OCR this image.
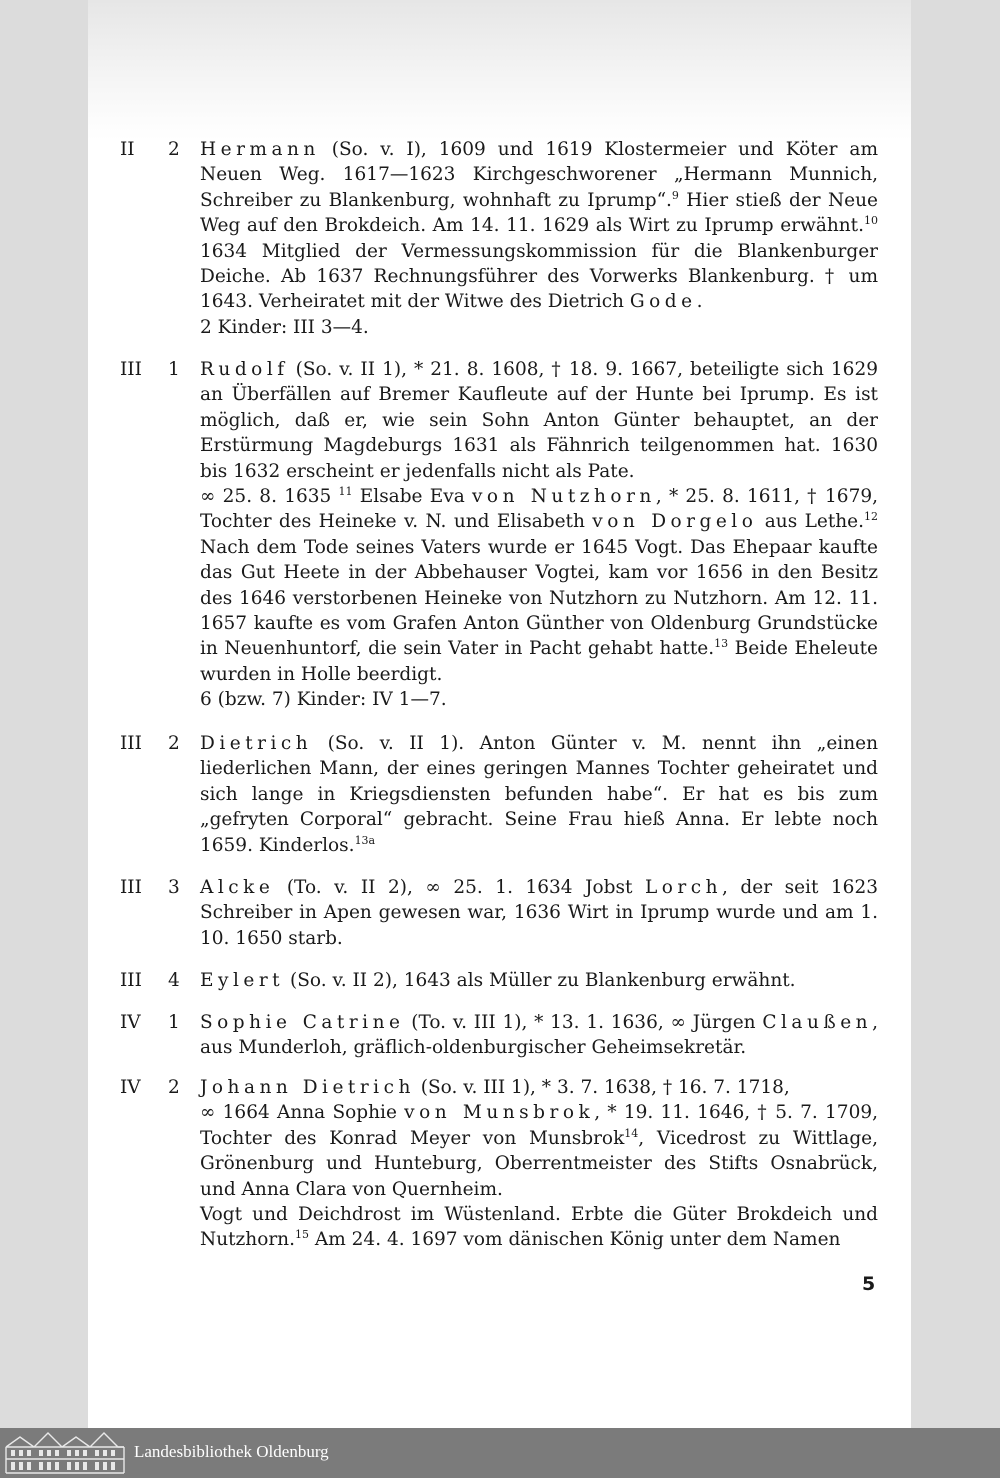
II	2	Hermann (So. v. I), 1609 und 1619 Klostermeier und Köter am Neuen Weg. 1617—1623 Kirchgeschworener „Hermann Munnich, Schreiber zu Blankenburg, wohnhaft zu Iprump“.$^9$ Hier stieß der Neue Weg auf den Brokdeich. Am 14. 11. 1629 als Wirt zu Iprump erwähnt.$^{10}$ 1634 Mitglied der Vermessungskommission für die Blankenburger Deiche. Ab 1637 Rechnungsführer des Vorwerks Blankenburg. † um 1643. Verheiratet mit der Witwe des Dietrich Gode.
2 Kinder: III 3—4.
III	1	Rudolf (So. v. II 1), * 21. 8. 1608, † 18. 9. 1667, beteiligte sich 1629 an Überfällen auf Bremer Kaufleute auf der Hunte bei Iprump. Es ist möglich, daß er, wie sein Sohn Anton Günter behauptet, an der Erstürmung Magdeburgs 1631 als Fähnrich teilgenommen hat. 1630 bis 1632 erscheint er jedenfalls nicht als Pate.
∞ 25. 8. 1635 $^{11}$ Elsabe Eva von Nutzhorn, * 25. 8. 1611, † 1679, Tochter des Heineke v. N. und Elisabeth von Dorgelo aus Lethe.$^{12}$ Nach dem Tode seines Vaters wurde er 1645 Vogt. Das Ehepaar kaufte das Gut Heete in der Abbehauser Vogtei, kam vor 1656 in den Besitz des 1646 verstorbenen Heineke von Nutzhorn zu Nutzhorn. Am 12. 11. 1657 kaufte es vom Grafen Anton Günther von Oldenburg Grundstücke in Neuenhuntorf, die sein Vater in Pacht gehabt hatte.$^{13}$ Beide Eheleute wurden in Holle beerdigt.
6 (bzw. 7) Kinder: IV 1—7.
III	2	Dietrich (So. v. II 1). Anton Günter v. M. nennt ihn „einen liederlichen Mann, der eines geringen Mannes Tochter geheiratet und sich lange in Kriegsdiensten befunden habe“. Er hat es bis zum „gefryten Corporal“ gebracht. Seine Frau hieß Anna. Er lebte noch 1659. Kinderlos.$^{13a}$
III	3	Alcke (To. v. II 2), ∞ 25. 1. 1634 Jobst Lorch, der seit 1623 Schreiber in Apen gewesen war, 1636 Wirt in Iprump wurde und am 1. 10. 1650 starb.
III	4	Eylert (So. v. II 2), 1643 als Müller zu Blankenburg erwähnt.
IV	1	Sophie Catrine (To. v. III 1), * 13. 1. 1636, ∞ Jürgen Claußen, aus Munderloh, gräflich-oldenburgischer Geheimsekretär.
IV	2	Johann Dietrich (So. v. III 1), * 3. 7. 1638, † 16. 7. 1718,
∞ 1664 Anna Sophie von Munsbrok, * 19. 11. 1646, † 5. 7. 1709, Tochter des Konrad Meyer von Munsbrok$^{14}$, Vicedrost zu Wittlage, Grönenburg und Hunteburg, Oberrentmeister des Stifts Osnabrück, und Anna Clara von Quernheim.
Vogt und Deichdrost im Wüstenland. Erbte die Güter Brokdeich und Nutzhorn.$^{15}$ Am 24. 4. 1697 vom dänischen König unter dem Namen
5
Landesbibliothek Oldenburg
